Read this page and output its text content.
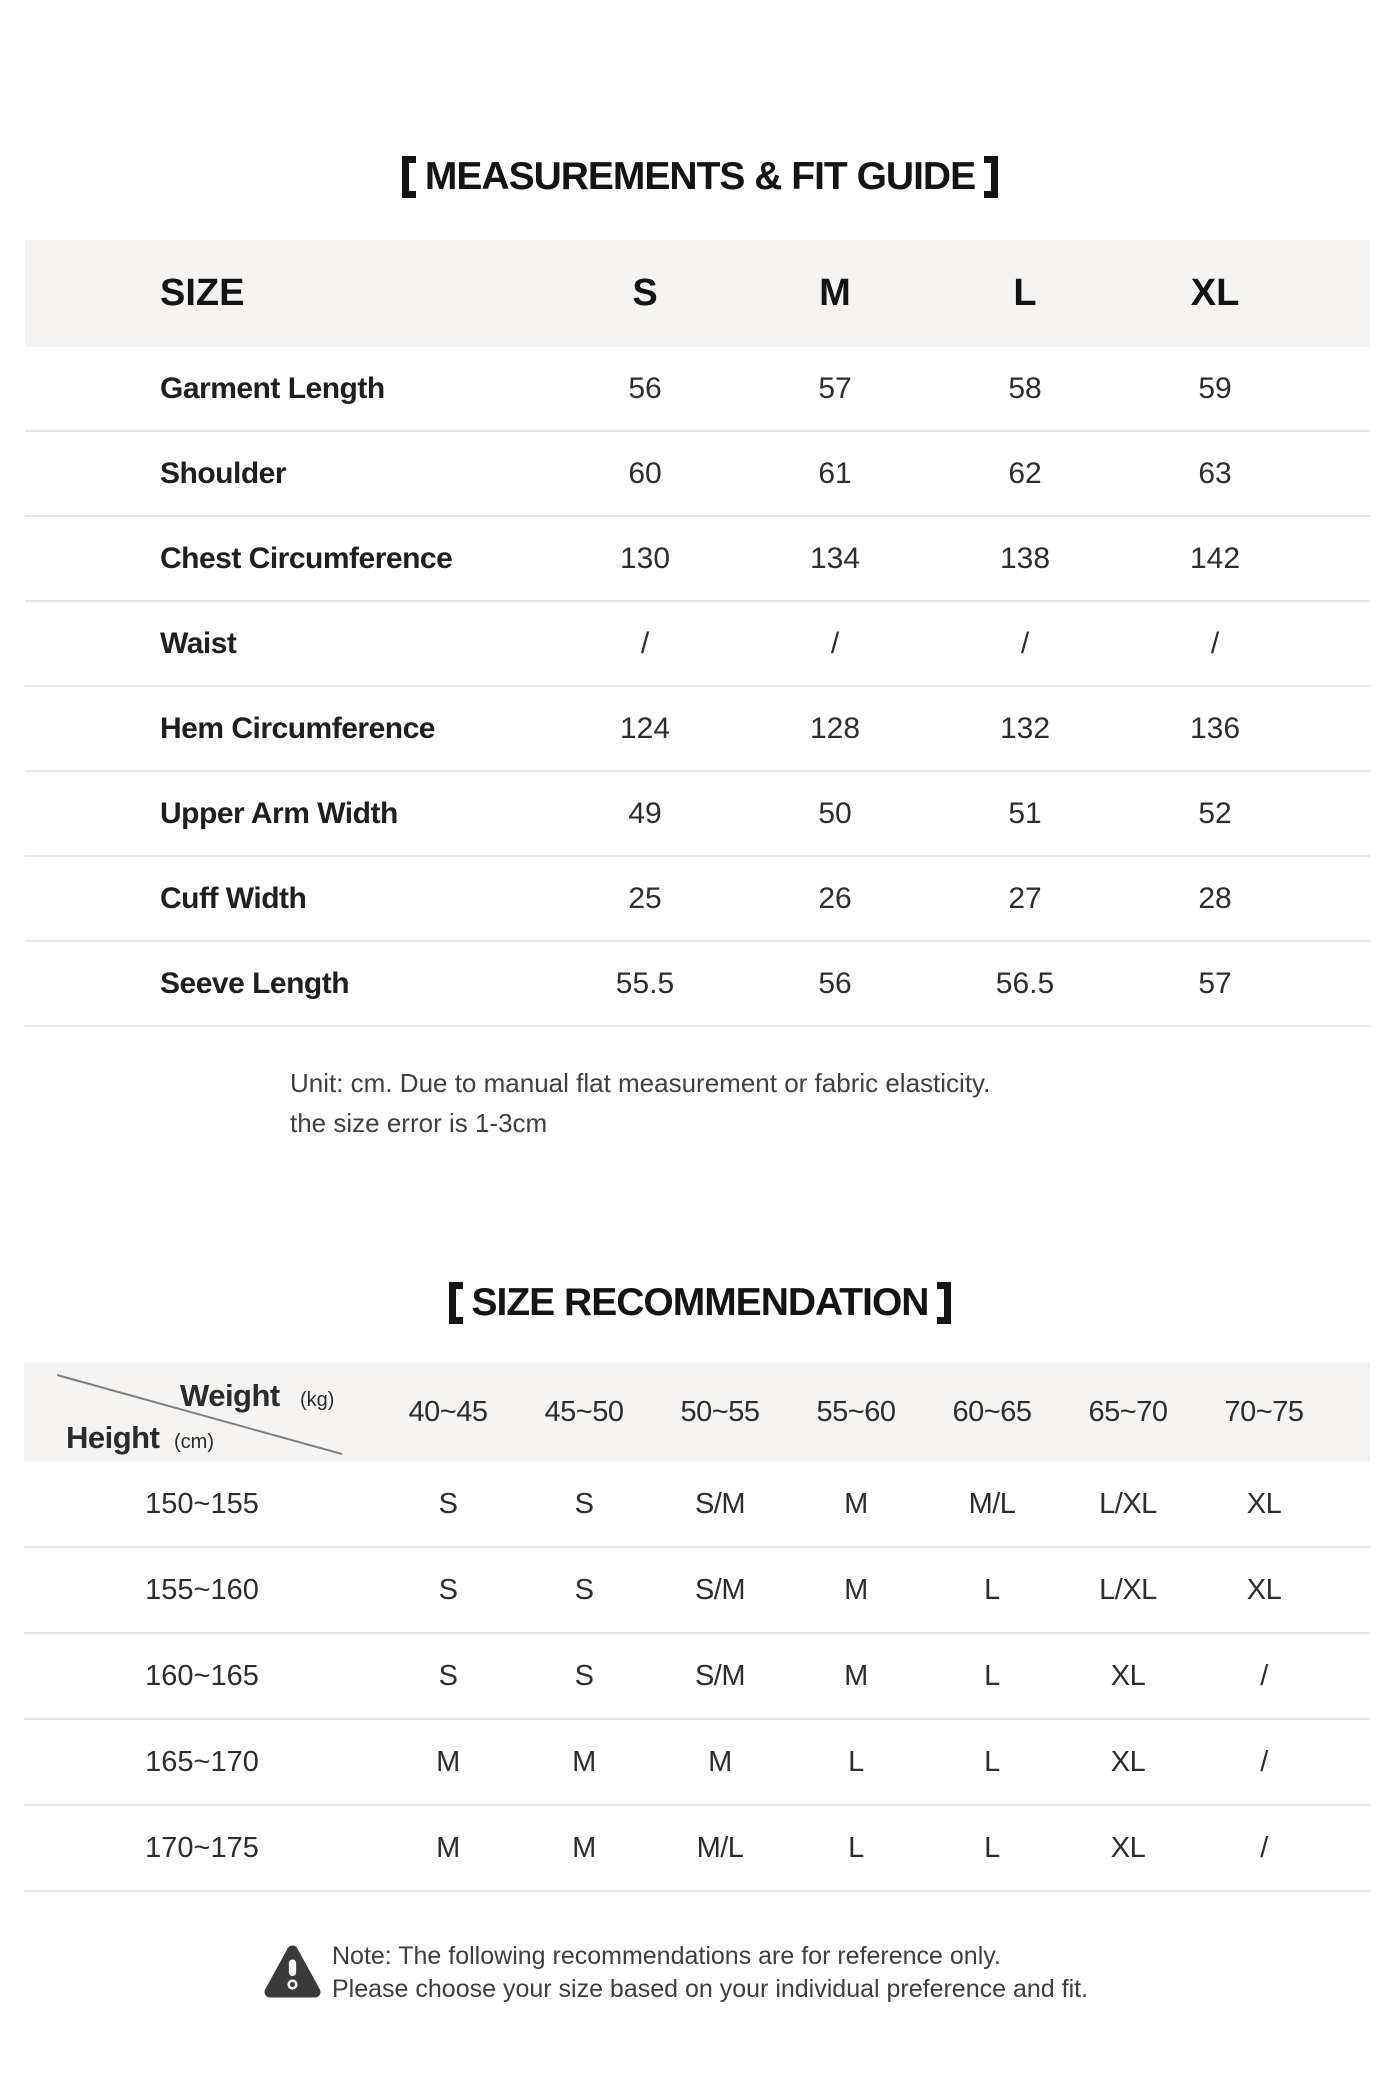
MEASUREMENTS & FIT GUIDE
SIZE	S	M	L	XL
Garment Length	56	57	58	59
Shoulder	60	61	62	63
Chest Circumference	130	134	138	142
Waist	/	/	/	/
Hem Circumference	124	128	132	136
Upper Arm Width	49	50	51	52
Cuff Width	25	26	27	28
Seeve Length	55.5	56	56.5	57
Unit: cm. Due to manual flat measurement or fabric elasticity.
the size error is 1-3cm
SIZE RECOMMENDATION
Weight (kg)
Height (cm)
40~45	45~50	50~55	55~60	60~65	65~70	70~75
150~155	S	S	S/M	M	M/L	L/XL	XL
155~160	S	S	S/M	M	L	L/XL	XL
160~165	S	S	S/M	M	L	XL	/
165~170	M	M	M	L	L	XL	/
170~175	M	M	M/L	L	L	XL	/
Note: The following recommendations are for reference only.
Please choose your size based on your individual preference and fit.
